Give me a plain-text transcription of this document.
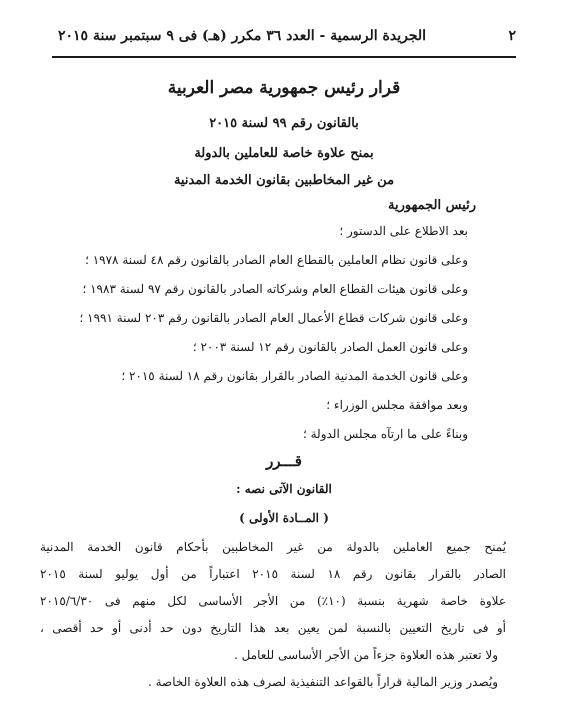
٢
الجريدة الرسمية - العدد ٣٦ مكرر (هـ) فى ٩ سبتمبر سنة ٢٠١٥
قرار رئيس جمهورية مصر العربية
بالقانون رقم ٩٩ لسنة ٢٠١٥
بمنح علاوة خاصة للعاملين بالدولة
من غير المخاطبين بقانون الخدمة المدنية
رئيس الجمهورية
بعد الاطلاع على الدستور ؛
وعلى قانون نظام العاملين بالقطاع العام الصادر بالقانون رقم ٤٨ لسنة ١٩٧٨ ؛
وعلى قانون هيئات القطاع العام وشركاته الصادر بالقانون رقم ٩٧ لسنة ١٩٨٣ ؛
وعلى قانون شركات قطاع الأعمال العام الصادر بالقانون رقم ٢٠٣ لسنة ١٩٩١ ؛
وعلى قانون العمل الصادر بالقانون رقم ١٢ لسنة ٢٠٠٣ ؛
وعلى قانون الخدمة المدنية الصادر بالقرار بقانون رقم ١٨ لسنة ٢٠١٥ ؛
وبعد موافقة مجلس الوزراء ؛
وبناءً على ما ارتآه مجلس الدولة ؛
قـــرر
القانون الآتى نصه :
( المــادة الأولى )
يُمنح جميع العاملين بالدولة من غير المخاطبين بأحكام قانون الخدمة المدنية
الصادر بالقرار بقانون رقم ١٨ لسنة ٢٠١٥ اعتباراً من أول يوليو لسنة ٢٠١٥
علاوة خاصة شهرية بنسبة (١٠٪) من الأجر الأساسى لكل منهم فى ٢٠١٥/٦/٣٠
أو فى تاريخ التعيين بالنسبة لمن يعين بعد هذا التاريخ دون حد أدنى أو حد أقصى ،
ولا تعتبر هذه العلاوة جزءاً من الأجر الأساسى للعامل .
ويُصدر وزير المالية قراراً بالقواعد التنفيذية لصرف هذه العلاوة الخاصة .
